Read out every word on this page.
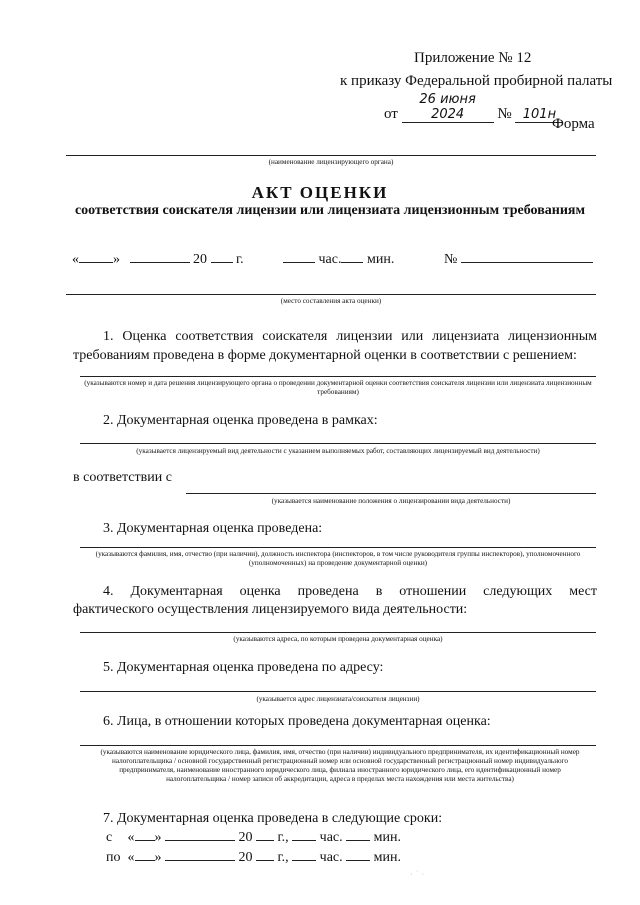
Приложение № 12
к приказу Федеральной пробирной палаты
от 26 июня 2024 № 101н
Форма
(наименование лицензирующего органа)
АКТ ОЦЕНКИ
соответствия соискателя лицензии или лицензиата лицензионным требованиям
« »	20 г.	час. мин.	№
(место составления акта оценки)
1. Оценка соответствия соискателя лицензии или лицензиата лицензионным требованиям проведена в форме документарной оценки в соответствии с решением:
(указываются номер и дата решения лицензирующего органа о проведении документарной оценки соответствия соискателя лицензии или лицензиата лицензионным требованиям)
2. Документарная оценка проведена в рамках:
(указывается лицензируемый вид деятельности с указанием выполняемых работ, составляющих лицензируемый вид деятельности)
в соответствии с
(указывается наименование положения о лицензировании вида деятельности)
3. Документарная оценка проведена:
(указываются фамилия, имя, отчество (при наличии), должность инспектора (инспекторов, в том числе руководителя группы инспекторов), уполномоченного (уполномоченных) на проведение документарной оценки)
4. Документарная оценка проведена в отношении следующих мест
фактического осуществления лицензируемого вида деятельности:
(указываются адреса, по которым проведена документарная оценка)
5. Документарная оценка проведена по адресу:
(указывается адрес лицензиата/соискателя лицензии)
6. Лица, в отношении которых проведена документарная оценка:
(указываются наименование юридического лица, фамилия, имя, отчество (при наличии) индивидуального предпринимателя, их идентификационный номер налогоплательщика / основной государственный регистрационный номер или основной государственный регистрационный номер индивидуального предпринимателя, наименование иностранного юридического лица, филиала иностранного юридического лица, его идентификационный номер налогоплательщика / номер записи об аккредитации, адреса в пределах места нахождения или места жительства)
7. Документарная оценка проведена в следующие сроки:
с « »	20 г., час. мин.
по « »	20 г., час. мин.
· ˙ ·
